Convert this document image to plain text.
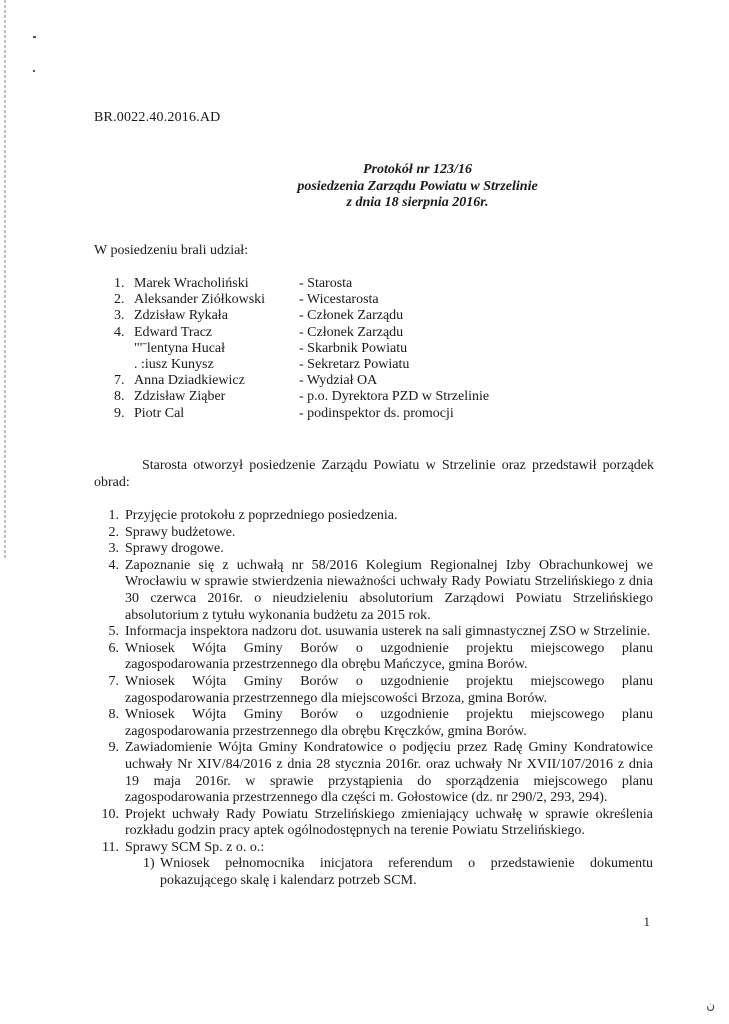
BR.0022.40.2016.AD
Protokół nr 123/16
posiedzenia Zarządu Powiatu w Strzelinie
z dnia 18 sierpnia 2016r.
W posiedzeniu brali udział:
1. Marek Wracholiński	- Starosta
2. Aleksander Ziółkowski - Wicestarosta
3. Zdzisław Rykała	- Członek Zarządu
4. Edward Tracz	- Członek Zarządu
"'ˉlentyna Hucał	- Skarbnik Powiatu
. :iusz Kunysz	- Sekretarz Powiatu
7. Anna Dziadkiewicz	- Wydział OA
8. Zdzisław Ziąber	- p.o. Dyrektora PZD w Strzelinie
9. Piotr Cal	- podinspektor ds. promocji
Starosta otworzył posiedzenie Zarządu Powiatu w Strzelinie oraz przedstawił porządek
obrad:
1. Przyjęcie protokołu z poprzedniego posiedzenia.
2. Sprawy budżetowe.
3. Sprawy drogowe.
4. Zapoznanie się z uchwałą nr 58/2016 Kolegium Regionalnej Izby Obrachunkowej we Wrocławiu w sprawie stwierdzenia nieważności uchwały Rady Powiatu Strzelińskiego z dnia 30 czerwca 2016r. o nieudzieleniu absolutorium Zarządowi Powiatu Strzelińskiego absolutorium z tytułu wykonania budżetu za 2015 rok.
5. Informacja inspektora nadzoru dot. usuwania usterek na sali gimnastycznej ZSO w Strzelinie.
6. Wniosek Wójta Gminy Borów o uzgodnienie projektu miejscowego planu
zagospodarowania przestrzennego dla obrębu Mańczyce, gmina Borów.
7. Wniosek Wójta Gminy Borów o uzgodnienie projektu miejscowego planu
zagospodarowania przestrzennego dla miejscowości Brzoza, gmina Borów.
8. Wniosek Wójta Gminy Borów o uzgodnienie projektu miejscowego planu
zagospodarowania przestrzennego dla obrębu Kręczków, gmina Borów.
9. Zawiadomienie Wójta Gminy Kondratowice o podjęciu przez Radę Gminy Kondratowice uchwały Nr XIV/84/2016 z dnia 28 stycznia 2016r. oraz uchwały Nr XVII/107/2016 z dnia 19 maja 2016r. w sprawie przystąpienia do sporządzenia miejscowego planu zagospodarowania przestrzennego dla części m. Gołostowice (dz. nr 290/2, 293, 294).
10. Projekt uchwały Rady Powiatu Strzelińskiego zmieniający uchwałę w sprawie określenia rozkładu godzin pracy aptek ogólnodostępnych na terenie Powiatu Strzelińskiego.
11. Sprawy SCM Sp. z o. o.:
1) Wniosek pełnomocnika inicjatora referendum o przedstawienie dokumentu pokazującego skalę i kalendarz potrzeb SCM.
1
ن
